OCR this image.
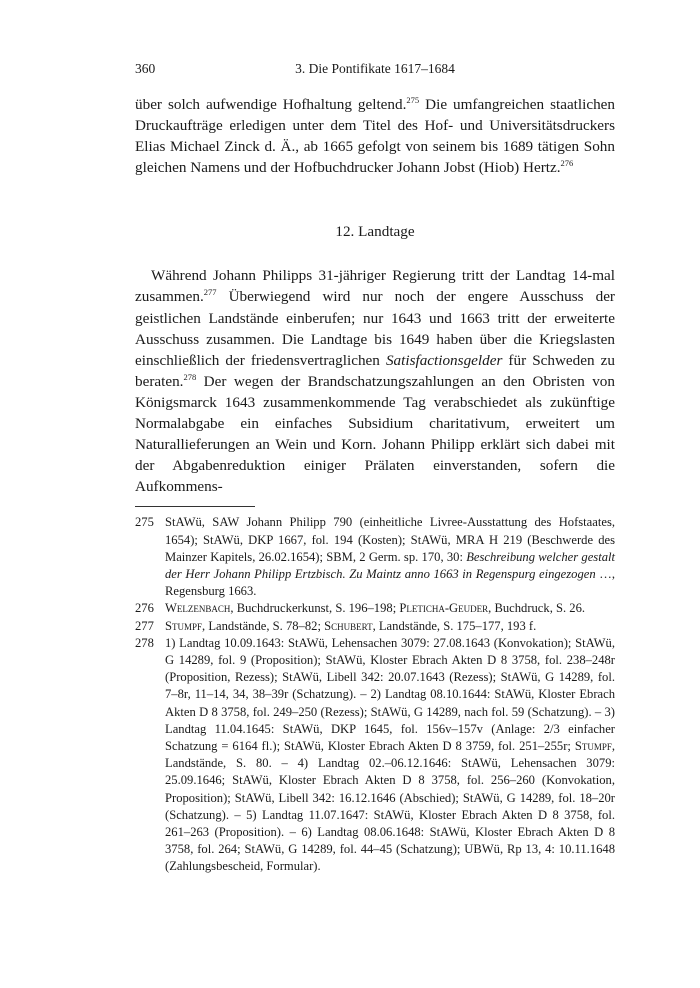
360	3. Die Pontifikate 1617–1684

über solch aufwendige Hofhaltung geltend.$^{275}$ Die umfangreichen staatlichen Druckaufträge erledigen unter dem Titel des Hof- und Universitätsdruckers Elias Michael Zinck d. Ä., ab 1665 gefolgt von seinem bis 1689 tätigen Sohn gleichen Namens und der Hofbuchdrucker Johann Jobst (Hiob) Hertz.$^{276}$

12. Landtage

Während Johann Philipps 31-jähriger Regierung tritt der Landtag 14-mal zusammen.$^{277}$ Überwiegend wird nur noch der engere Ausschuss der geistlichen Landstände einberufen; nur 1643 und 1663 tritt der erweiterte Ausschuss zusammen. Die Landtage bis 1649 haben über die Kriegslasten einschließlich der friedensvertraglichen Satisfactionsgelder für Schweden zu beraten.$^{278}$ Der wegen der Brandschatzungszahlungen an den Obristen von Königsmarck 1643 zusammenkommende Tag verabschiedet als zukünftige Normalabgabe ein einfaches Subsidium charitativum, erweitert um Naturallieferungen an Wein und Korn. Johann Philipp erklärt sich dabei mit der Abgabenreduktion einiger Prälaten einverstanden, sofern die Aufkommens-

275 StAWü, SAW Johann Philipp 790 (einheitliche Livree-Ausstattung des Hofstaates, 1654); StAWü, DKP 1667, fol. 194 (Kosten); StAWü, MRA H 219 (Beschwerde des Mainzer Kapitels, 26.02.1654); SBM, 2 Germ. sp. 170, 30: Beschreibung welcher gestalt der Herr Johann Philipp Ertzbisch. Zu Maintz anno 1663 in Regenspurg eingezogen …, Regensburg 1663.
276 Welzenbach, Buchdruckerkunst, S. 196–198; Pleticha-Geuder, Buchdruck, S. 26.
277 Stumpf, Landstände, S. 78–82; Schubert, Landstände, S. 175–177, 193 f.
278 1) Landtag 10.09.1643: StAWü, Lehensachen 3079: 27.08.1643 (Konvokation); StAWü, G 14289, fol. 9 (Proposition); StAWü, Kloster Ebrach Akten D 8 3758, fol. 238–248r (Proposition, Rezess); StAWü, Libell 342: 20.07.1643 (Rezess); StAWü, G 14289, fol. 7–8r, 11–14, 34, 38–39r (Schatzung). – 2) Landtag 08.10.1644: StAWü, Kloster Ebrach Akten D 8 3758, fol. 249–250 (Rezess); StAWü, G 14289, nach fol. 59 (Schatzung). – 3) Landtag 11.04.1645: StAWü, DKP 1645, fol. 156v–157v (Anlage: 2/3 einfacher Schatzung = 6164 fl.); StAWü, Kloster Ebrach Akten D 8 3759, fol. 251–255r; Stumpf, Landstände, S. 80. – 4) Landtag 02.–06.12.1646: StAWü, Lehensachen 3079: 25.09.1646; StAWü, Kloster Ebrach Akten D 8 3758, fol. 256–260 (Konvokation, Proposition); StAWü, Libell 342: 16.12.1646 (Abschied); StAWü, G 14289, fol. 18–20r (Schatzung). – 5) Landtag 11.07.1647: StAWü, Kloster Ebrach Akten D 8 3758, fol. 261–263 (Proposition). – 6) Landtag 08.06.1648: StAWü, Kloster Ebrach Akten D 8 3758, fol. 264; StAWü, G 14289, fol. 44–45 (Schatzung); UBWü, Rp 13, 4: 10.11.1648 (Zahlungsbescheid, Formular).
